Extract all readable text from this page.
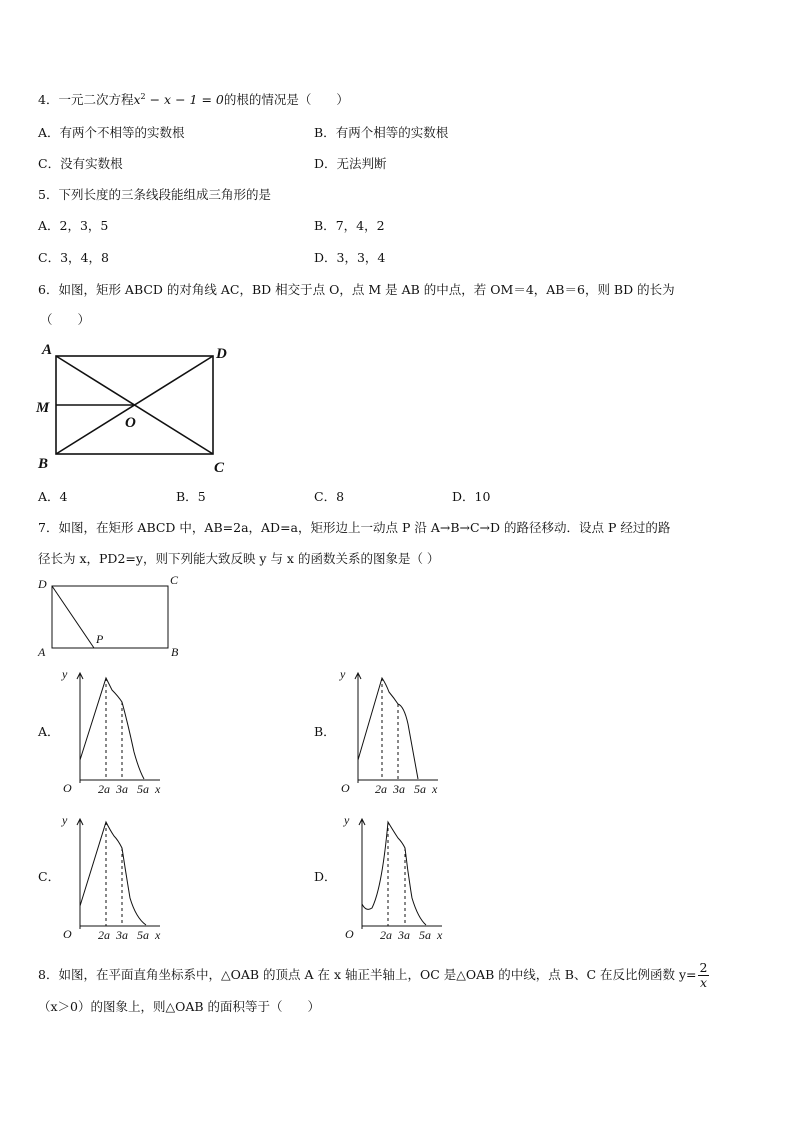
4．一元二次方程$x^2 - x - 1 = 0$的根的情况是（　　）
A．有两个不相等的实数根	B．有两个相等的实数根
C．没有实数根	D．无法判断
5．下列长度的三条线段能组成三角形的是
A．2，3，5	B．7，4，2
C．3，4，8	D．3，3，4
6．如图，矩形 ABCD 的对角线 AC，BD 相交于点 O，点 M 是 AB 的中点，若 OM＝4，AB＝6，则 BD 的长为
（　　）
A	D
M
O
B	C
A．4	B．5	C．8	D．10
7．如图，在矩形 ABCD 中，AB=2a，AD=a，矩形边上一动点 P 沿 A→B→C→D 的路径移动．设点 P 经过的路
径长为 x，PD2=y，则下列能大致反映 y 与 x 的函数关系的图象是（ ）
D	C
A
P
B
A．
y
O 2a 3a 5a x
B．
y
O 2a 3a 5a x
C．
y
O 2a 3a 5a x
D．
y
O 2a 3a 5a x
8．如图，在平面直角坐标系中，△OAB 的顶点 A 在 x 轴正半轴上，OC 是△OAB 的中线，点 B、C 在反比例函数 $y= \frac{2}{x}$
（x＞0）的图象上，则△OAB 的面积等于（　　）
